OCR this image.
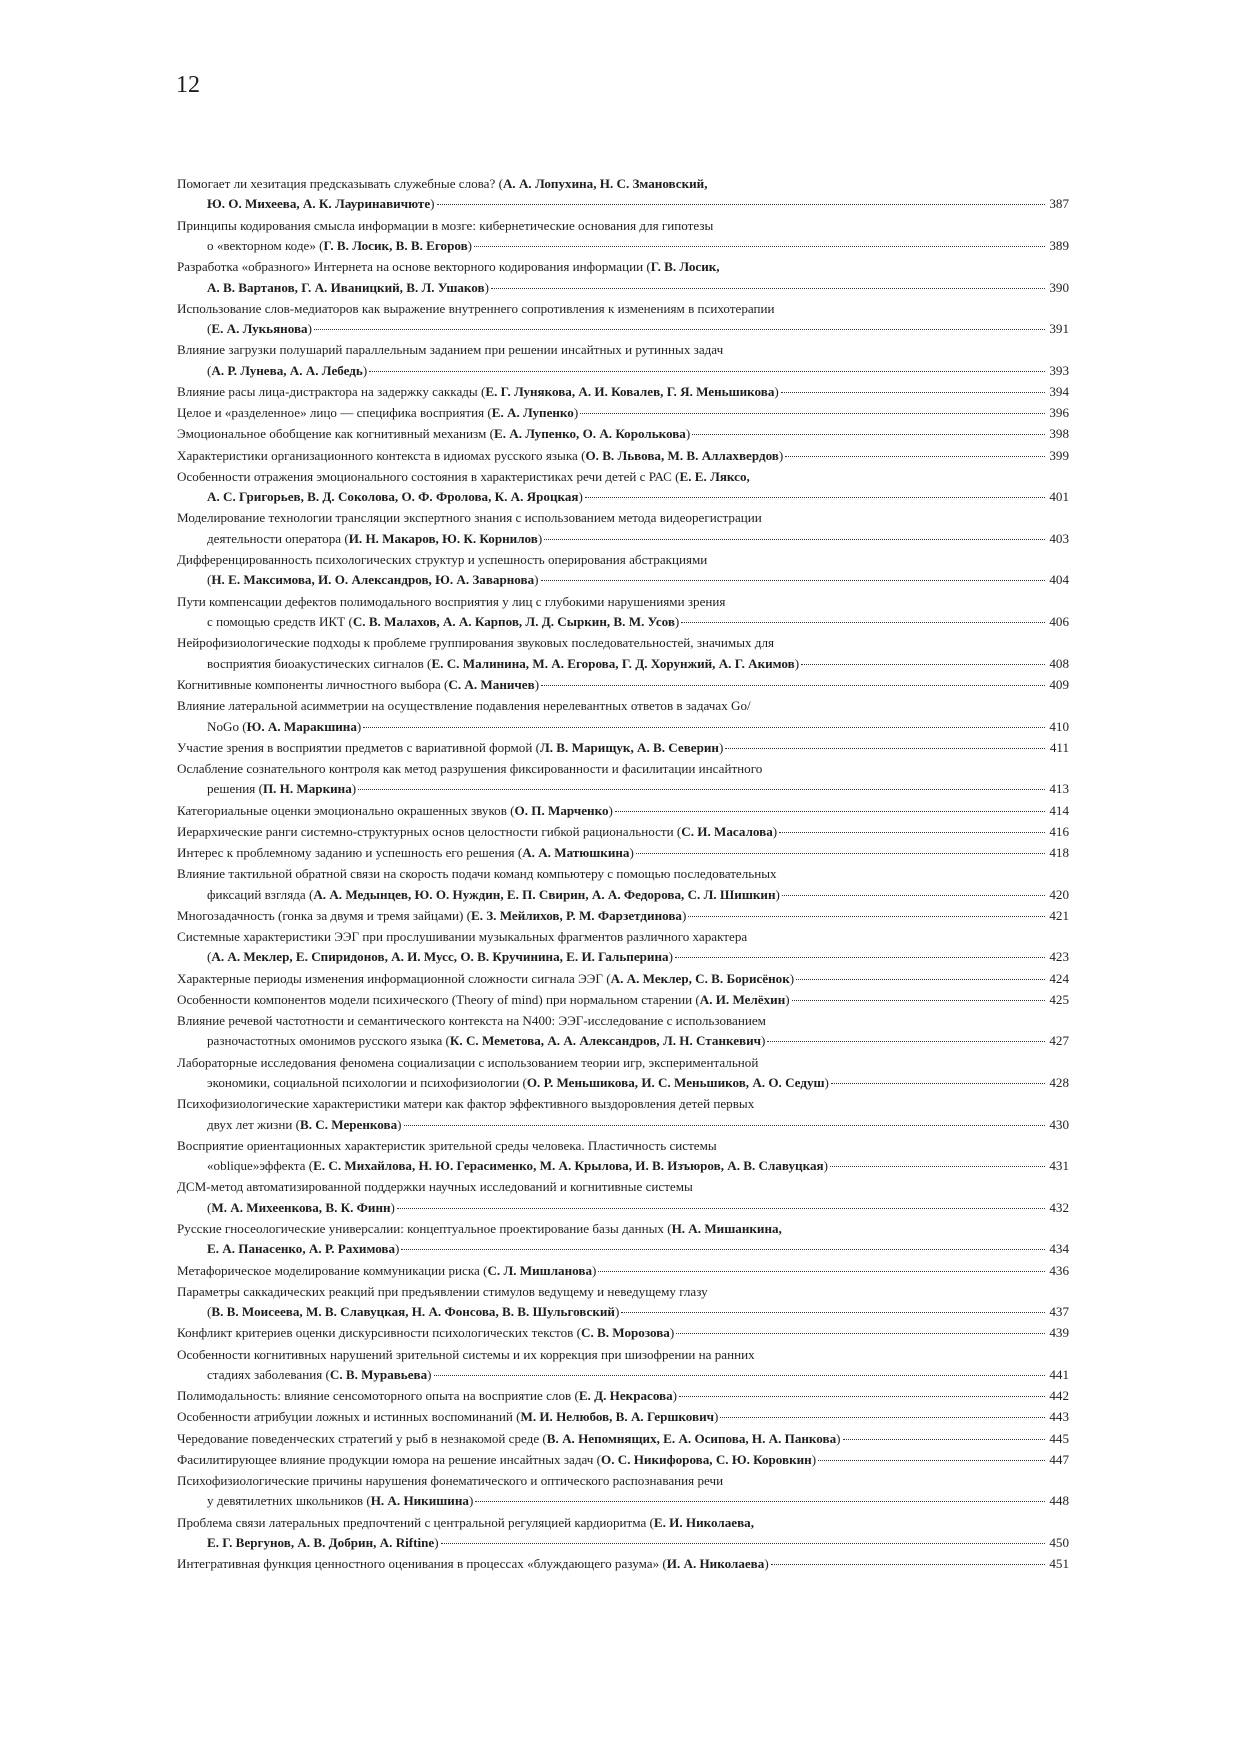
12
Помогает ли хезитация предсказывать служебные слова? (А. А. Лопухина, Н. С. Змановский,
Ю. О. Михеева, А. К. Лауринавичюте)	387
Принципы кодирования смысла информации в мозге: кибернетические основания для гипотезы
о «векторном коде» (Г. В. Лосик, В. В. Егоров)	389
Разработка «образного» Интернета на основе векторного кодирования информации (Г. В. Лосик,
А. В. Вартанов, Г. А. Иваницкий, В. Л. Ушаков)	390
Использование слов-медиаторов как выражение внутреннего сопротивления к изменениям в психотерапии
(Е. А. Лукьянова)	391
Влияние загрузки полушарий параллельным заданием при решении инсайтных и рутинных задач
(А. Р. Лунева, А. А. Лебедь)	393
Влияние расы лица-дистрактора на задержку саккады (Е. Г. Лунякова, А. И. Ковалев, Г. Я. Меньшикова)	394
Целое и «разделенное» лицо — специфика восприятия (Е. А. Лупенко)	396
Эмоциональное обобщение как когнитивный механизм (Е. А. Лупенко, О. А. Королькова)	398
Характеристики организационного контекста в идиомах русского языка (О. В. Львова, М. В. Аллахвердов)	399
Особенности отражения эмоционального состояния в характеристиках речи детей с РАС (Е. Е. Ляксо,
А. С. Григорьев, В. Д. Соколова, О. Ф. Фролова, К. А. Яроцкая)	401
Моделирование технологии трансляции экспертного знания с использованием метода видеорегистрации
деятельности оператора (И. Н. Макаров, Ю. К. Корнилов)	403
Дифференцированность психологических структур и успешность оперирования абстракциями
(Н. Е. Максимова, И. О. Александров, Ю. А. Заварнова)	404
Пути компенсации дефектов полимодального восприятия у лиц с глубокими нарушениями зрения
с помощью средств ИКТ (С. В. Малахов, А. А. Карпов, Л. Д. Сыркин, В. М. Усов)	406
Нейрофизиологические подходы к проблеме группирования звуковых последовательностей, значимых для
восприятия биоакустических сигналов (Е. С. Малинина, М. А. Егорова, Г. Д. Хорунжий, А. Г. Акимов)	408
Когнитивные компоненты личностного выбора (С. А. Маничев)	409
Влияние латеральной асимметрии на осуществление подавления нерелевантных ответов в задачах Go/
NoGo (Ю. А. Маракшина)	410
Участие зрения в восприятии предметов с вариативной формой (Л. В. Марищук, А. В. Северин)	411
Ослабление сознательного контроля как метод разрушения фиксированности и фасилитации инсайтного
решения (П. Н. Маркина)	413
Категориальные оценки эмоционально окрашенных звуков (О. П. Марченко)	414
Иерархические ранги системно-структурных основ целостности гибкой рациональности (С. И. Масалова)	416
Интерес к проблемному заданию и успешность его решения (А. А. Матюшкина)	418
Влияние тактильной обратной связи на скорость подачи команд компьютеру с помощью последовательных
фиксаций взгляда (А. А. Медынцев, Ю. О. Нуждин, Е. П. Свирин, А. А. Федорова, С. Л. Шишкин)	420
Многозадачность (гонка за двумя и тремя зайцами) (Е. З. Мейлихов, Р. М. Фарзетдинова)	421
Системные характеристики ЭЭГ при прослушивании музыкальных фрагментов различного характера
(А. А. Меклер, Е. Спиридонов, А. И. Мусс, О. В. Кручинина, Е. И. Гальперина)	423
Характерные периоды изменения информационной сложности сигнала ЭЭГ (А. А. Меклер, С. В. Борисёнок)	424
Особенности компонентов модели психического (Theory of mind) при нормальном старении (А. И. Мелёхин)	425
Влияние речевой частотности и семантического контекста на N400: ЭЭГ-исследование с использованием
разночастотных омонимов русского языка (К. С. Меметова, А. А. Александров, Л. Н. Станкевич)	427
Лабораторные исследования феномена социализации с использованием теории игр, экспериментальной
экономики, социальной психологии и психофизиологии (О. Р. Меньшикова, И. С. Меньшиков, А. О. Седуш)	428
Психофизиологические характеристики матери как фактор эффективного выздоровления детей первых
двух лет жизни (В. С. Меренкова)	430
Восприятие ориентационных характеристик зрительной среды человека. Пластичность системы
«oblique»эффекта (Е. С. Михайлова, Н. Ю. Герасименко, М. А. Крылова, И. В. Изъюров, А. В. Славуцкая)	431
ДСМ-метод автоматизированной поддержки научных исследований и когнитивные системы
(М. А. Михеенкова, В. К. Финн)	432
Русские гносеологические универсалии: концептуальное проектирование базы данных (Н. А. Мишанкина,
Е. А. Панасенко, А. Р. Рахимова)	434
Метафорическое моделирование коммуникации риска (С. Л. Мишланова)	436
Параметры саккадических реакций при предъявлении стимулов ведущему и неведущему глазу
(В. В. Моисеева, М. В. Славуцкая, Н. А. Фонсова, В. В. Шульговский)	437
Конфликт критериев оценки дискурсивности психологических текстов (С. В. Морозова)	439
Особенности когнитивных нарушений зрительной системы и их коррекция при шизофрении на ранних
стадиях заболевания (С. В. Муравьева)	441
Полимодальность: влияние сенсомоторного опыта на восприятие слов (Е. Д. Некрасова)	442
Особенности атрибуции ложных и истинных воспоминаний (М. И. Нелюбов, В. А. Гершкович)	443
Чередование поведенческих стратегий у рыб в незнакомой среде (В. А. Непомнящих, Е. А. Осипова, Н. А. Панкова)	445
Фасилитирующее влияние продукции юмора на решение инсайтных задач (О. С. Никифорова, С. Ю. Коровкин)	447
Психофизиологические причины нарушения фонематического и оптического распознавания речи
у девятилетних школьников (Н. А. Никишина)	448
Проблема связи латеральных предпочтений с центральной регуляцией кардиоритма (Е. И. Николаева,
Е. Г. Вергунов, А. В. Добрин, A. Riftine)	450
Интегративная функция ценностного оценивания в процессах «блуждающего разума» (И. А. Николаева)	451
